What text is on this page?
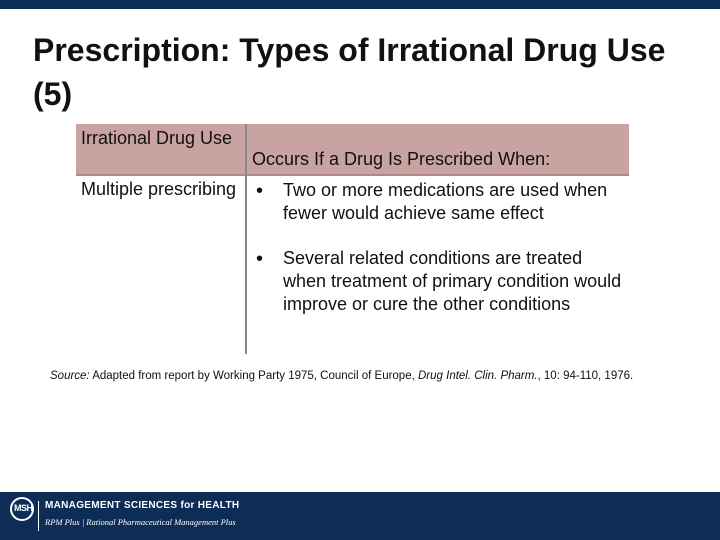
Prescription: Types of Irrational Drug Use (5)
Irrational Drug Use
Occurs If a Drug Is Prescribed When:
Multiple prescribing • Two or more medications are used when fewer would achieve same effect
• Several related conditions are treated when treatment of primary condition would improve or cure the other conditions
Source: Adapted from report by Working Party 1975, Council of Europe, Drug Intel. Clin. Pharm., 10: 94-110, 1976.
MSH	MANAGEMENT SCIENCES for HEALTH
RPM Plus | Rational Pharmaceutical Management Plus
